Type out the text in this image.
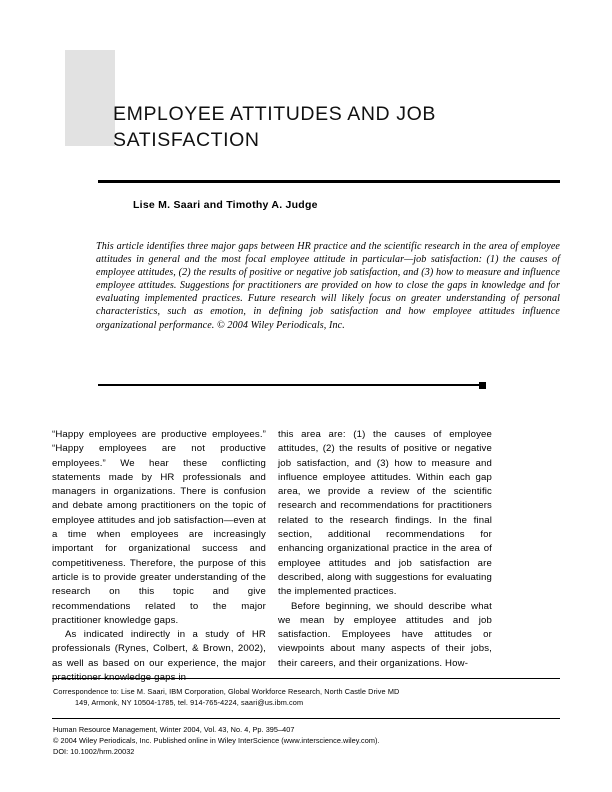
EMPLOYEE ATTITUDES AND JOB
SATISFACTION
Lise M. Saari and Timothy A. Judge
This article identifies three major gaps between HR practice and the scientific research in the area of employee attitudes in general and the most focal employee attitude in particular—job satisfaction: (1) the causes of employee attitudes, (2) the results of positive or negative job satisfaction, and (3) how to measure and influence employee attitudes. Suggestions for practitioners are provided on how to close the gaps in knowledge and for evaluating implemented practices. Future research will likely focus on greater understanding of personal characteristics, such as emotion, in defining job satisfaction and how employee attitudes influence organizational performance. © 2004 Wiley Periodicals, Inc.

“Happy employees are productive employees.” “Happy employees are not productive employees.” We hear these conflicting statements made by HR professionals and managers in organizations. There is confusion and debate among practitioners on the topic of employee attitudes and job satisfaction—even at a time when employees are increasingly important for organizational success and competitiveness. Therefore, the purpose of this article is to provide greater understanding of the research on this topic and give recommendations related to the major practitioner knowledge gaps.

As indicated indirectly in a study of HR professionals (Rynes, Colbert, & Brown, 2002), as well as based on our experience, the major

this area are: (1) the causes of employee attitudes, (2) the results of positive or negative job satisfaction, and (3) how to measure and influence employee attitudes. Within each gap area, we provide a review of the scientific research and recommendations for practitioners related to the research findings. In the final section, additional recommendations for enhancing organizational practice in the area of employee attitudes and job satisfaction are described, along with suggestions for evaluating the implemented practices.

Before beginning, we should describe what we mean by employee attitudes and job satisfaction. Employees have attitudes or viewpoints about many aspects of their jobs, their careers, and their organizations. How-

Correspondence to: Lise M. Saari, IBM Corporation, Global Workforce Research, North Castle Drive MD
149, Armonk, NY 10504-1785, tel. 914-765-4224, saari@us.ibm.com
Human Resource Management, Winter 2004, Vol. 43, No. 4, Pp. 395–407
© 2004 Wiley Periodicals, Inc. Published online in Wiley InterScience (www.interscience.wiley.com).
DOI: 10.1002/hrm.20032
